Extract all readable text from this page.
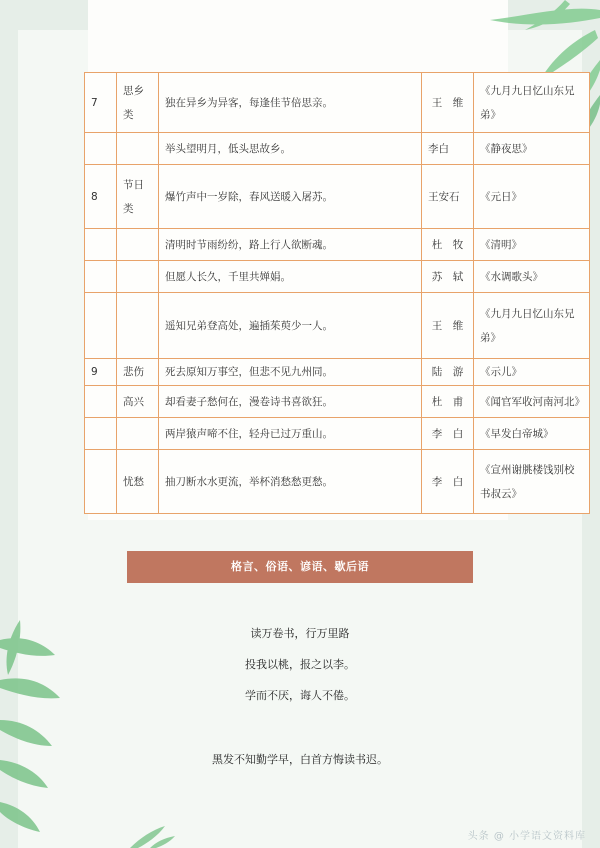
7	思乡类	独在异乡为异客，每逢佳节倍思亲。	王　维	《九月九日忆山东兄弟》

		举头望明月，低头思故乡。	李白	《静夜思》
8	节日类	爆竹声中一岁除，春风送暖入屠苏。	王安石	《元日》
		清明时节雨纷纷，路上行人欲断魂。	杜　牧	《清明》
		但愿人长久，千里共婵娟。	苏　轼	《水调歌头》
		遥知兄弟登高处，遍插茱萸少一人。	王　维	《九月九日忆山东兄弟》

9	悲伤	死去原知万事空，但悲不见九州同。	陆　游	《示儿》
	高兴	却看妻子愁何在，漫卷诗书喜欲狂。	杜　甫	《闻官军收河南河北》
		两岸猿声啼不住，轻舟已过万重山。	李　白	《早发白帝城》
	忧愁	抽刀断水水更流，举杯消愁愁更愁。	李　白	《宣州谢朓楼饯别校书叔云》
格言、俗语、谚语、歇后语
读万卷书，行万里路
投我以桃，报之以李。
学而不厌，诲人不倦。
黑发不知勤学早，白首方悔读书迟。
头条 @ 小学语文资料库
